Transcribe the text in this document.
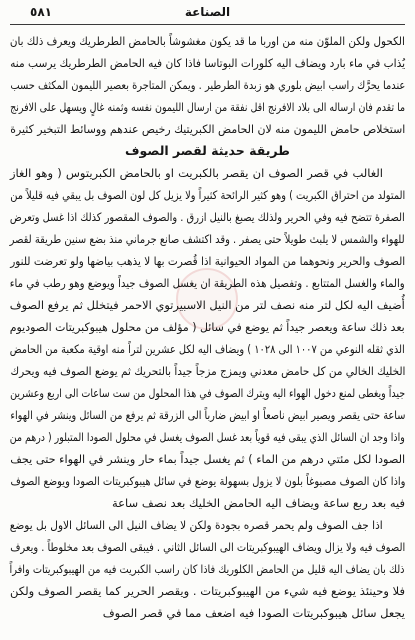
الصناعة
٥٨١
الكحول ولكن الملوّن منه من اوربا ما قد يكون مغشوشاً بالحامض الطرطريك ويعرف ذلك بان
يُذاب في ماء بارد ويضاف اليه كلورات البوتاسا فاذا كان فيه الحامض الطرطريك يرسب منه
عندما يحرَّك راسب ابيض بلوري هو زبدة الطرطير . ويمكن المتاجرة بعصير الليمون المكثف حسب
ما تقدم فان ارساله الى بلاد الافرنج اقل نفقة من ارسال الليمون نفسه وثمنه غالٍ ويسهل على الافرنج
استخلاص حامض الليمون منه لان الحامض الكبريتيك رخيص عندهم ووسائط التبخير كثيرة
طريقة حديثة لقصر الصوف
الغالب في قصر الصوف ان يقصر بالكبريت او بالحامض الكبريتوس ( وهو الغاز
المتولد من احتراق الكبريت ) وهو كثير الرائحة كثيراً ولا يزيل كل لون الصوف بل يبقي فيه قليلاً من
الصفرة تتضح فيه وفي الحرير ولذلك يصبغ بالنيل ازرق . والصوف المقصور كذلك اذا غسل وتعرض
للهواء والشمس لا يلبث طويلاً حتى يصفر . وقد اكتشف صانع جرماني منذ بضع سنين طريقة لقصر
الصوف والحرير ونحوهما من المواد الحيوانية اذا قُصرت بها لا يذهب بياضها ولو تعرضت للنور
والماء والغسل المتتابع . وتفصيل هذه الطريقة ان يغسل الصوف جيداً ويوضع وهو رطب في ماء
أُضيف اليه لكل لتر منه نصف لتر من النيل الاسبيرتوي الاحمر فيتخلل ثم يرفع الصوف
بعد ذلك ساعة ويعصر جيداً ثم يوضع في سائل ( مؤلف من محلول هيبوكبريتات الصوديوم
الذي ثقله النوعي من ١٠٠٧ الى ١٠٢٨ ) ويضاف اليه لكل عشرين لتراً منه اوقية مكعبة من الحامض
الخليك الخالي من كل حامض معدني ويمزج مزجاً جيداً بالتحريك ثم يوضع الصوف فيه ويحرك
جيداً ويغطى لمنع دخول الهواء اليه ويترك الصوف في هذا المحلول من ست ساعات الى اربع وعشرين
ساعة حتى يقصر ويصير ابيض ناصعاً او ابيض ضارباً الى الزرقة ثم يرفع من السائل وينشر في الهواء
واذا وجد ان السائل الذي يبقى فيه قوياً بعد غسل الصوف يغسل في محلول الصودا المتبلور ( درهم من
الصودا لكل مئتي درهم من الماء ) ثم يغسل جيداً بماء حار وينشر في الهواء حتى يجف
واذا كان الصوف مصبوغاً بلون لا يزول بسهولة يوضع في سائل هيبوكبريتات الصودا ويوضع الصوف
فيه بعد ربع ساعة ويضاف اليه الحامض الخليك بعد نصف ساعة
اذا جف الصوف ولم يحمر قصره بجودة ولكن لا يضاف النيل الى السائل الاول بل يوضع
الصوف فيه ولا يزال ويضاف الهيبوكبريتات الى السائل الثاني . فيبقى الصوف بعد مخلوطاً . ويعرف
ذلك بان يضاف اليه قليل من الحامض الكلوريك فاذا كان راسب الكبريت فيه من الهيبوكبريتات وافراً
فلا وحينئذ يوضع فيه شيء من الهيبوكبريتات . ويقصر الحرير كما يقصر الصوف ولكن
يجعل سائل هيبوكبريتات الصودا فيه اضعف مما في قصر الصوف
